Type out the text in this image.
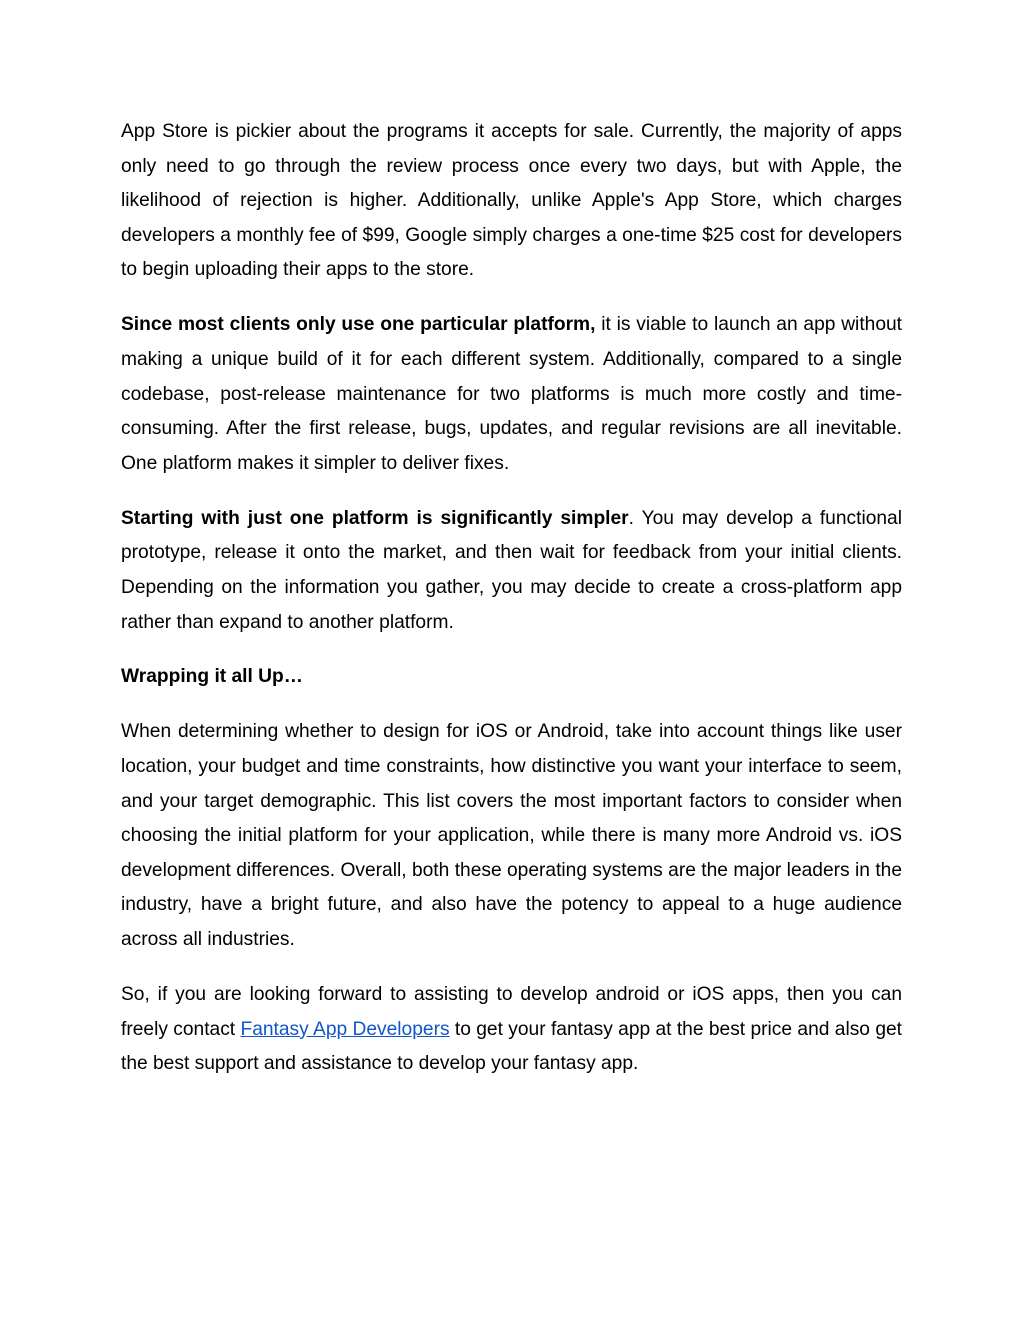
App Store is pickier about the programs it accepts for sale. Currently, the majority of apps only need to go through the review process once every two days, but with Apple, the likelihood of rejection is higher. Additionally, unlike Apple's App Store, which charges developers a monthly fee of $99, Google simply charges a one-time $25 cost for developers to begin uploading their apps to the store.

Since most clients only use one particular platform, it is viable to launch an app without making a unique build of it for each different system. Additionally, compared to a single codebase, post-release maintenance for two platforms is much more costly and time-consuming. After the first release, bugs, updates, and regular revisions are all inevitable. One platform makes it simpler to deliver fixes.

Starting with just one platform is significantly simpler. You may develop a functional prototype, release it onto the market, and then wait for feedback from your initial clients. Depending on the information you gather, you may decide to create a cross-platform app rather than expand to another platform.

Wrapping it all Up…

When determining whether to design for iOS or Android, take into account things like user location, your budget and time constraints, how distinctive you want your interface to seem, and your target demographic. This list covers the most important factors to consider when choosing the initial platform for your application, while there is many more Android vs. iOS development differences. Overall, both these operating systems are the major leaders in the industry, have a bright future, and also have the potency to appeal to a huge audience across all industries.

So, if you are looking forward to assisting to develop android or iOS apps, then you can freely contact Fantasy App Developers to get your fantasy app at the best price and also get the best support and assistance to develop your fantasy app.
